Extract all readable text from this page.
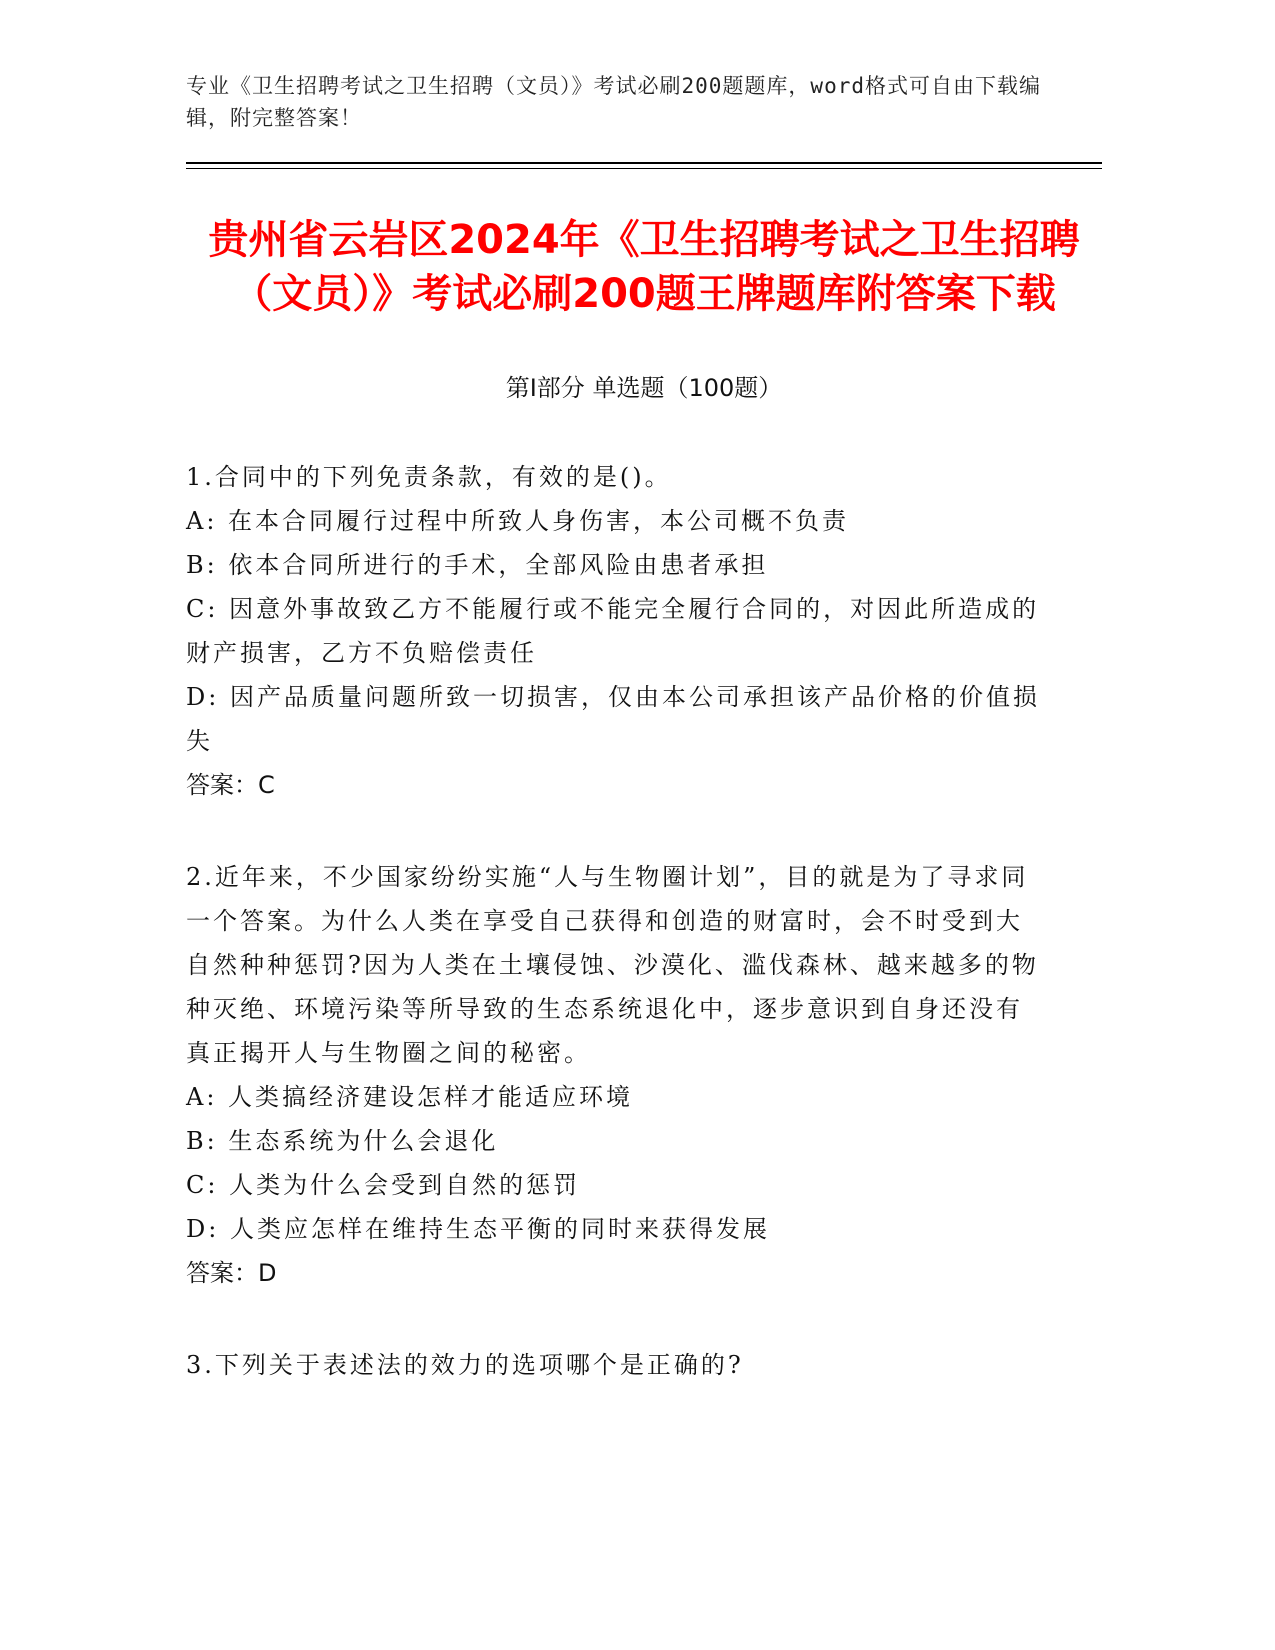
专业《卫生招聘考试之卫生招聘（文员）》考试必刷200题题库，word格式可自由下载编辑，附完整答案！
贵州省云岩区2024年《卫生招聘考试之卫生招聘（文员）》考试必刷200题王牌题库附答案下载
第I部分 单选题（100题）
1.合同中的下列免责条款，有效的是()。
A: 在本合同履行过程中所致人身伤害，本公司概不负责
B: 依本合同所进行的手术，全部风险由患者承担
C: 因意外事故致乙方不能履行或不能完全履行合同的，对因此所造成的财产损害，乙方不负赔偿责任
D: 因产品质量问题所致一切损害，仅由本公司承担该产品价格的价值损失
答案：C
2.近年来，不少国家纷纷实施“人与生物圈计划”，目的就是为了寻求同一个答案。为什么人类在享受自己获得和创造的财富时，会不时受到大自然种种惩罚?因为人类在土壤侵蚀、沙漠化、滥伐森林、越来越多的物种灭绝、环境污染等所导致的生态系统退化中，逐步意识到自身还没有真正揭开人与生物圈之间的秘密。
A: 人类搞经济建设怎样才能适应环境
B: 生态系统为什么会退化
C: 人类为什么会受到自然的惩罚
D: 人类应怎样在维持生态平衡的同时来获得发展
答案：D
3.下列关于表述法的效力的选项哪个是正确的?
